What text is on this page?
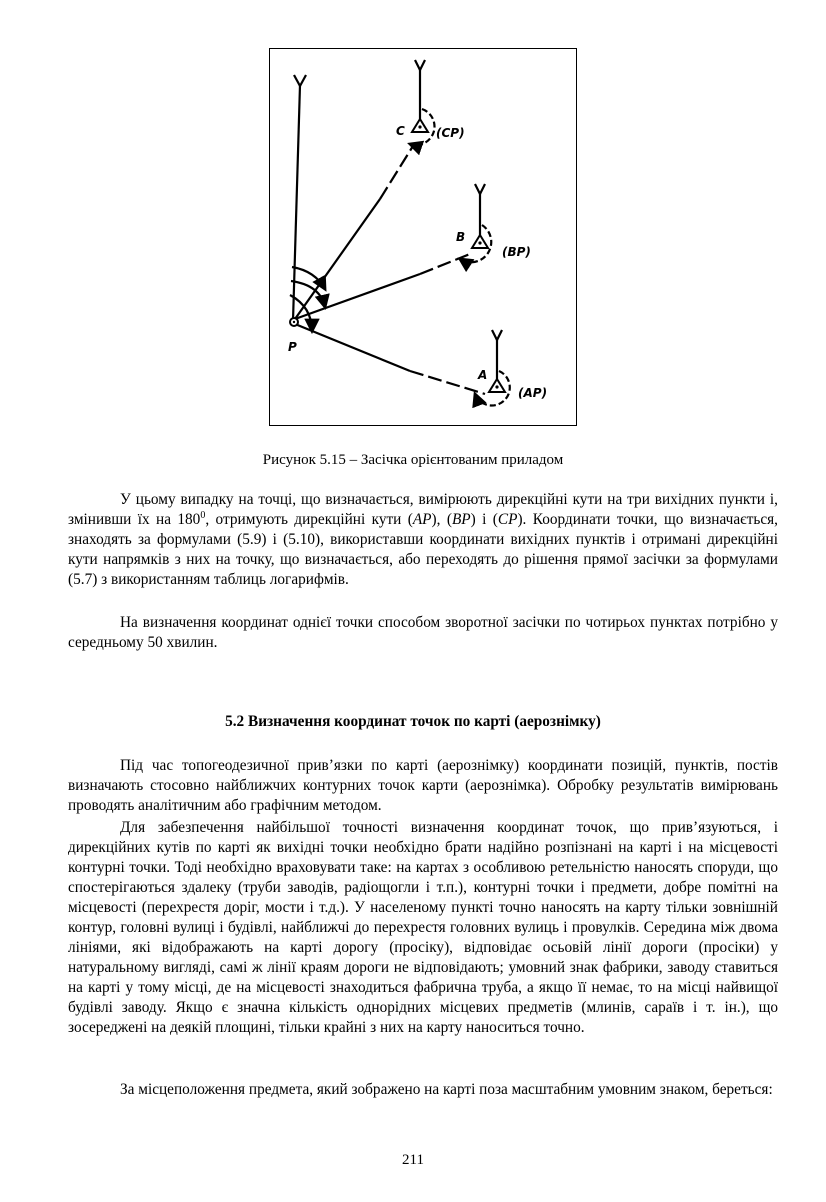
C	(CP)
B
(BP)
A
(AP)
P
Рисунок 5.15 – Засічка орієнтованим приладом

У цьому випадку на точці, що визначається, вимірюють дирекційні кути на три вихідних пункти і, змінивши їх на $180^0$, отримують дирекційні кути (AP), (BP) і (CP). Координати точки, що визначається, знаходять за формулами (5.9) і (5.10), використавши координати вихідних пунктів і отримані дирекційні кути напрямків з них на точку, що визначається, або переходять до рішення прямої засічки за формулами (5.7) з використанням таблиць логарифмів.

На визначення координат однієї точки способом зворотної засічки по чотирьох пунктах потрібно у середньому 50 хвилин.

5.2 Визначення координат точок по карті (аерознімку)

Під час топогеодезичної прив’язки по карті (аерознімку) координати позицій, пунктів, постів визначають стосовно найближчих контурних точок карти (аерознімка). Обробку результатів вимірювань проводять аналітичним або графічним методом.

Для забезпечення найбільшої точності визначення координат точок, що прив’язуються, і дирекційних кутів по карті як вихідні точки необхідно брати надійно розпізнані на карті і на місцевості контурні точки. Тоді необхідно враховувати таке: на картах з особливою ретельністю наносять споруди, що спостерігаються здалеку (труби заводів, радіощогли і т.п.), контурні точки і предмети, добре помітні на місцевості (перехрестя доріг, мости і т.д.). У населеному пункті точно наносять на карту тільки зовнішній контур, головні вулиці і будівлі, найближчі до перехрестя головних вулиць і провулків. Середина між двома лініями, які відображають на карті дорогу (просіку), відповідає осьовій лінії дороги (просіки) у натуральному вигляді, самі ж лінії краям дороги не відповідають; умовний знак фабрики, заводу ставиться на карті у тому місці, де на місцевості знаходиться фабрична труба, а якщо її немає, то на місці найвищої будівлі заводу. Якщо є значна кількість однорідних місцевих предметів (млинів, сараїв і т. ін.), що зосереджені на деякій площині, тільки крайні з них на карту наноситься точно.

За місцеположення предмета, який зображено на карті поза масштабним умовним знаком, береться:

211
